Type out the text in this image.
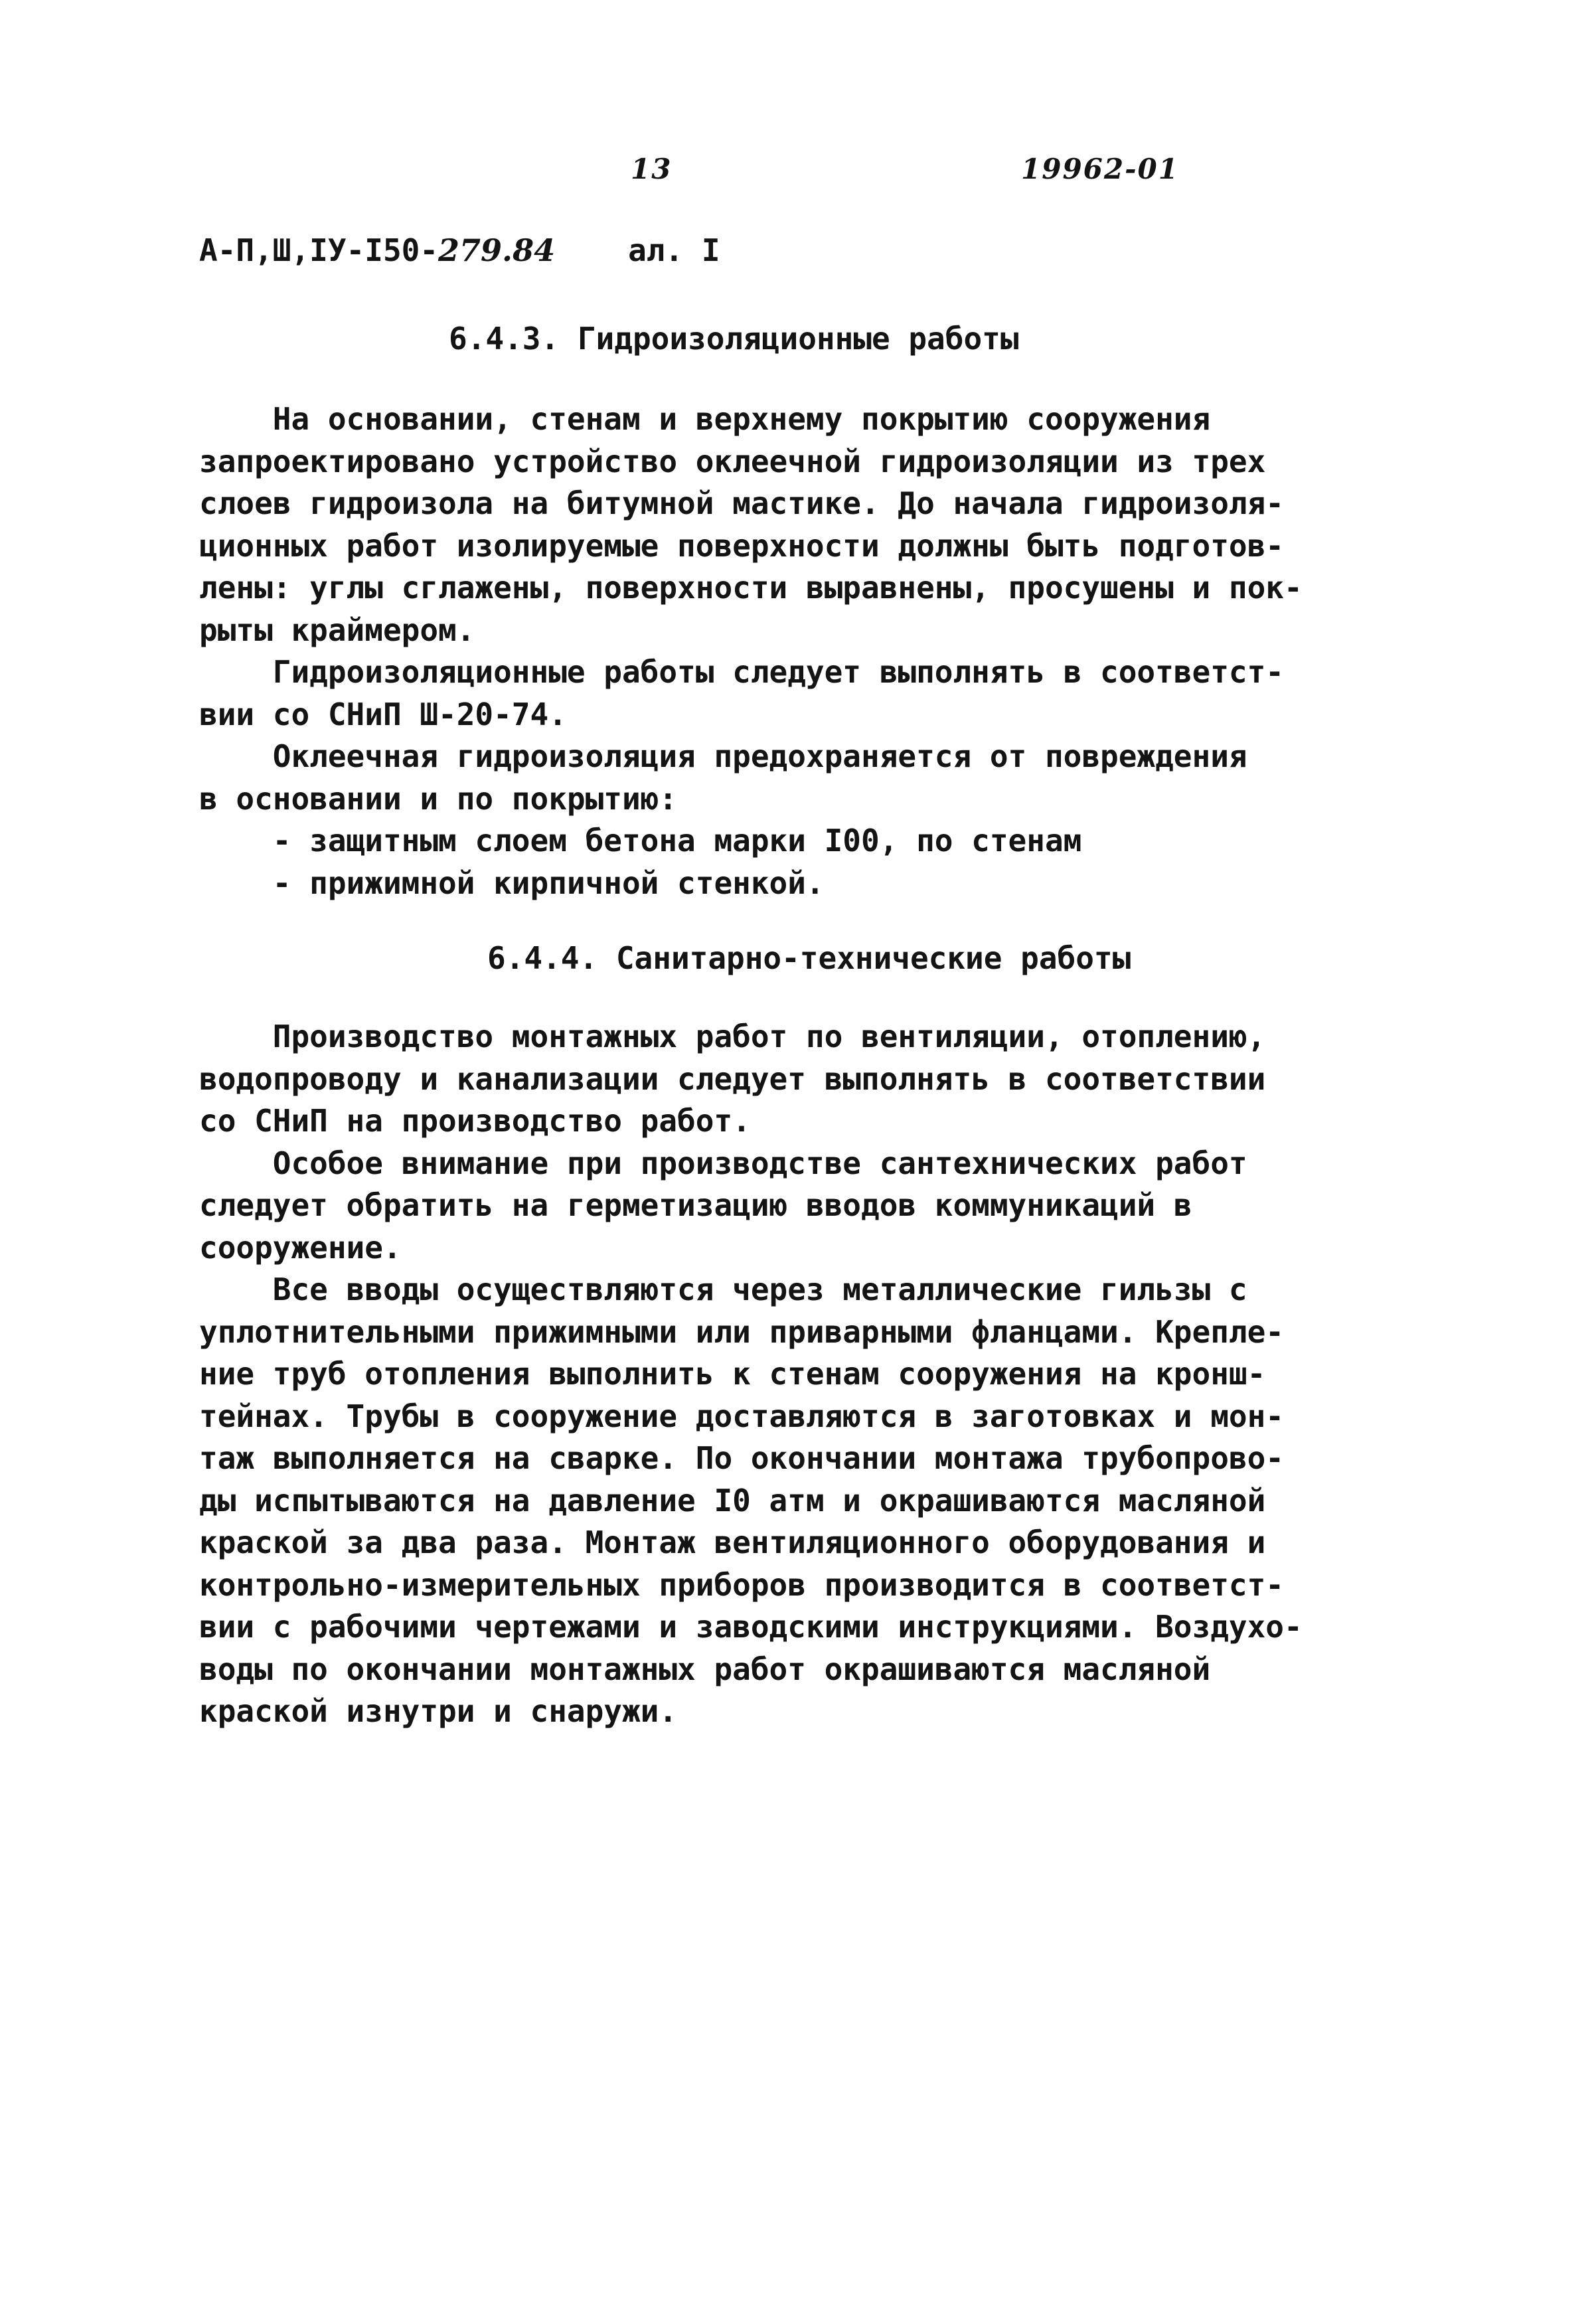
13	19962-01
А-П,Ш,IУ-I50-279.84 ал. I
6.4.3. Гидроизоляционные работы
На основании, стенам и верхнему покрытию сооружения
запроектировано устройство оклеечной гидроизоляции из трех
слоев гидроизола на битумной мастике. До начала гидроизоля-
ционных работ изолируемые поверхности должны быть подготов-
лены: углы сглажены, поверхности выравнены, просушены и пок-
рыты краймером.
Гидроизоляционные работы следует выполнять в соответст-
вии со СНиП Ш-20-74.
Оклеечная гидроизоляция предохраняется от повреждения
в основании и по покрытию:
- защитным слоем бетона марки I00, по стенам
- прижимной кирпичной стенкой.
6.4.4. Санитарно-технические работы
Производство монтажных работ по вентиляции, отоплению,
водопроводу и канализации следует выполнять в соответствии
со СНиП на производство работ.
Особое внимание при производстве сантехнических работ
следует обратить на герметизацию вводов коммуникаций в
сооружение.
Все вводы осуществляются через металлические гильзы с
уплотнительными прижимными или приварными фланцами. Крепле-
ние труб отопления выполнить к стенам сооружения на кронш-
тейнах. Трубы в сооружение доставляются в заготовках и мон-
таж выполняется на сварке. По окончании монтажа трубопрово-
ды испытываются на давление I0 атм и окрашиваются масляной
краской за два раза. Монтаж вентиляционного оборудования и
контрольно-измерительных приборов производится в соответст-
вии с рабочими чертежами и заводскими инструкциями. Воздухо-
воды по окончании монтажных работ окрашиваются масляной
краской изнутри и снаружи.
